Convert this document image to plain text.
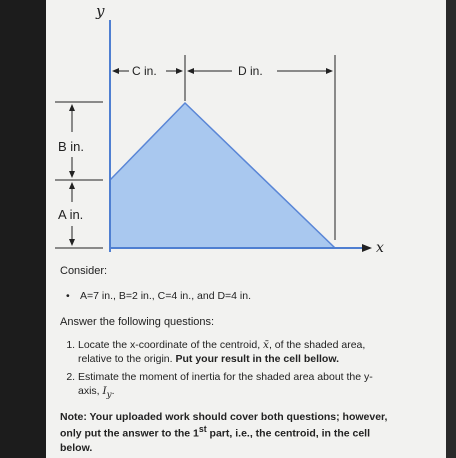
y
x
C in.	D in.
B in.
A in.
Consider:
• A=7 in., B=2 in., C=4 in., and D=4 in.
Answer the following questions:
1. Locate the x-coordinate of the centroid, x̄, of the shaded area, relative to the origin. Put your result in the cell bellow.
2. Estimate the moment of inertia for the shaded area about the y-axis, $I_y$.
Note: Your uploaded work should cover both questions; however, only put the answer to the 1st part, i.e., the centroid, in the cell below.
